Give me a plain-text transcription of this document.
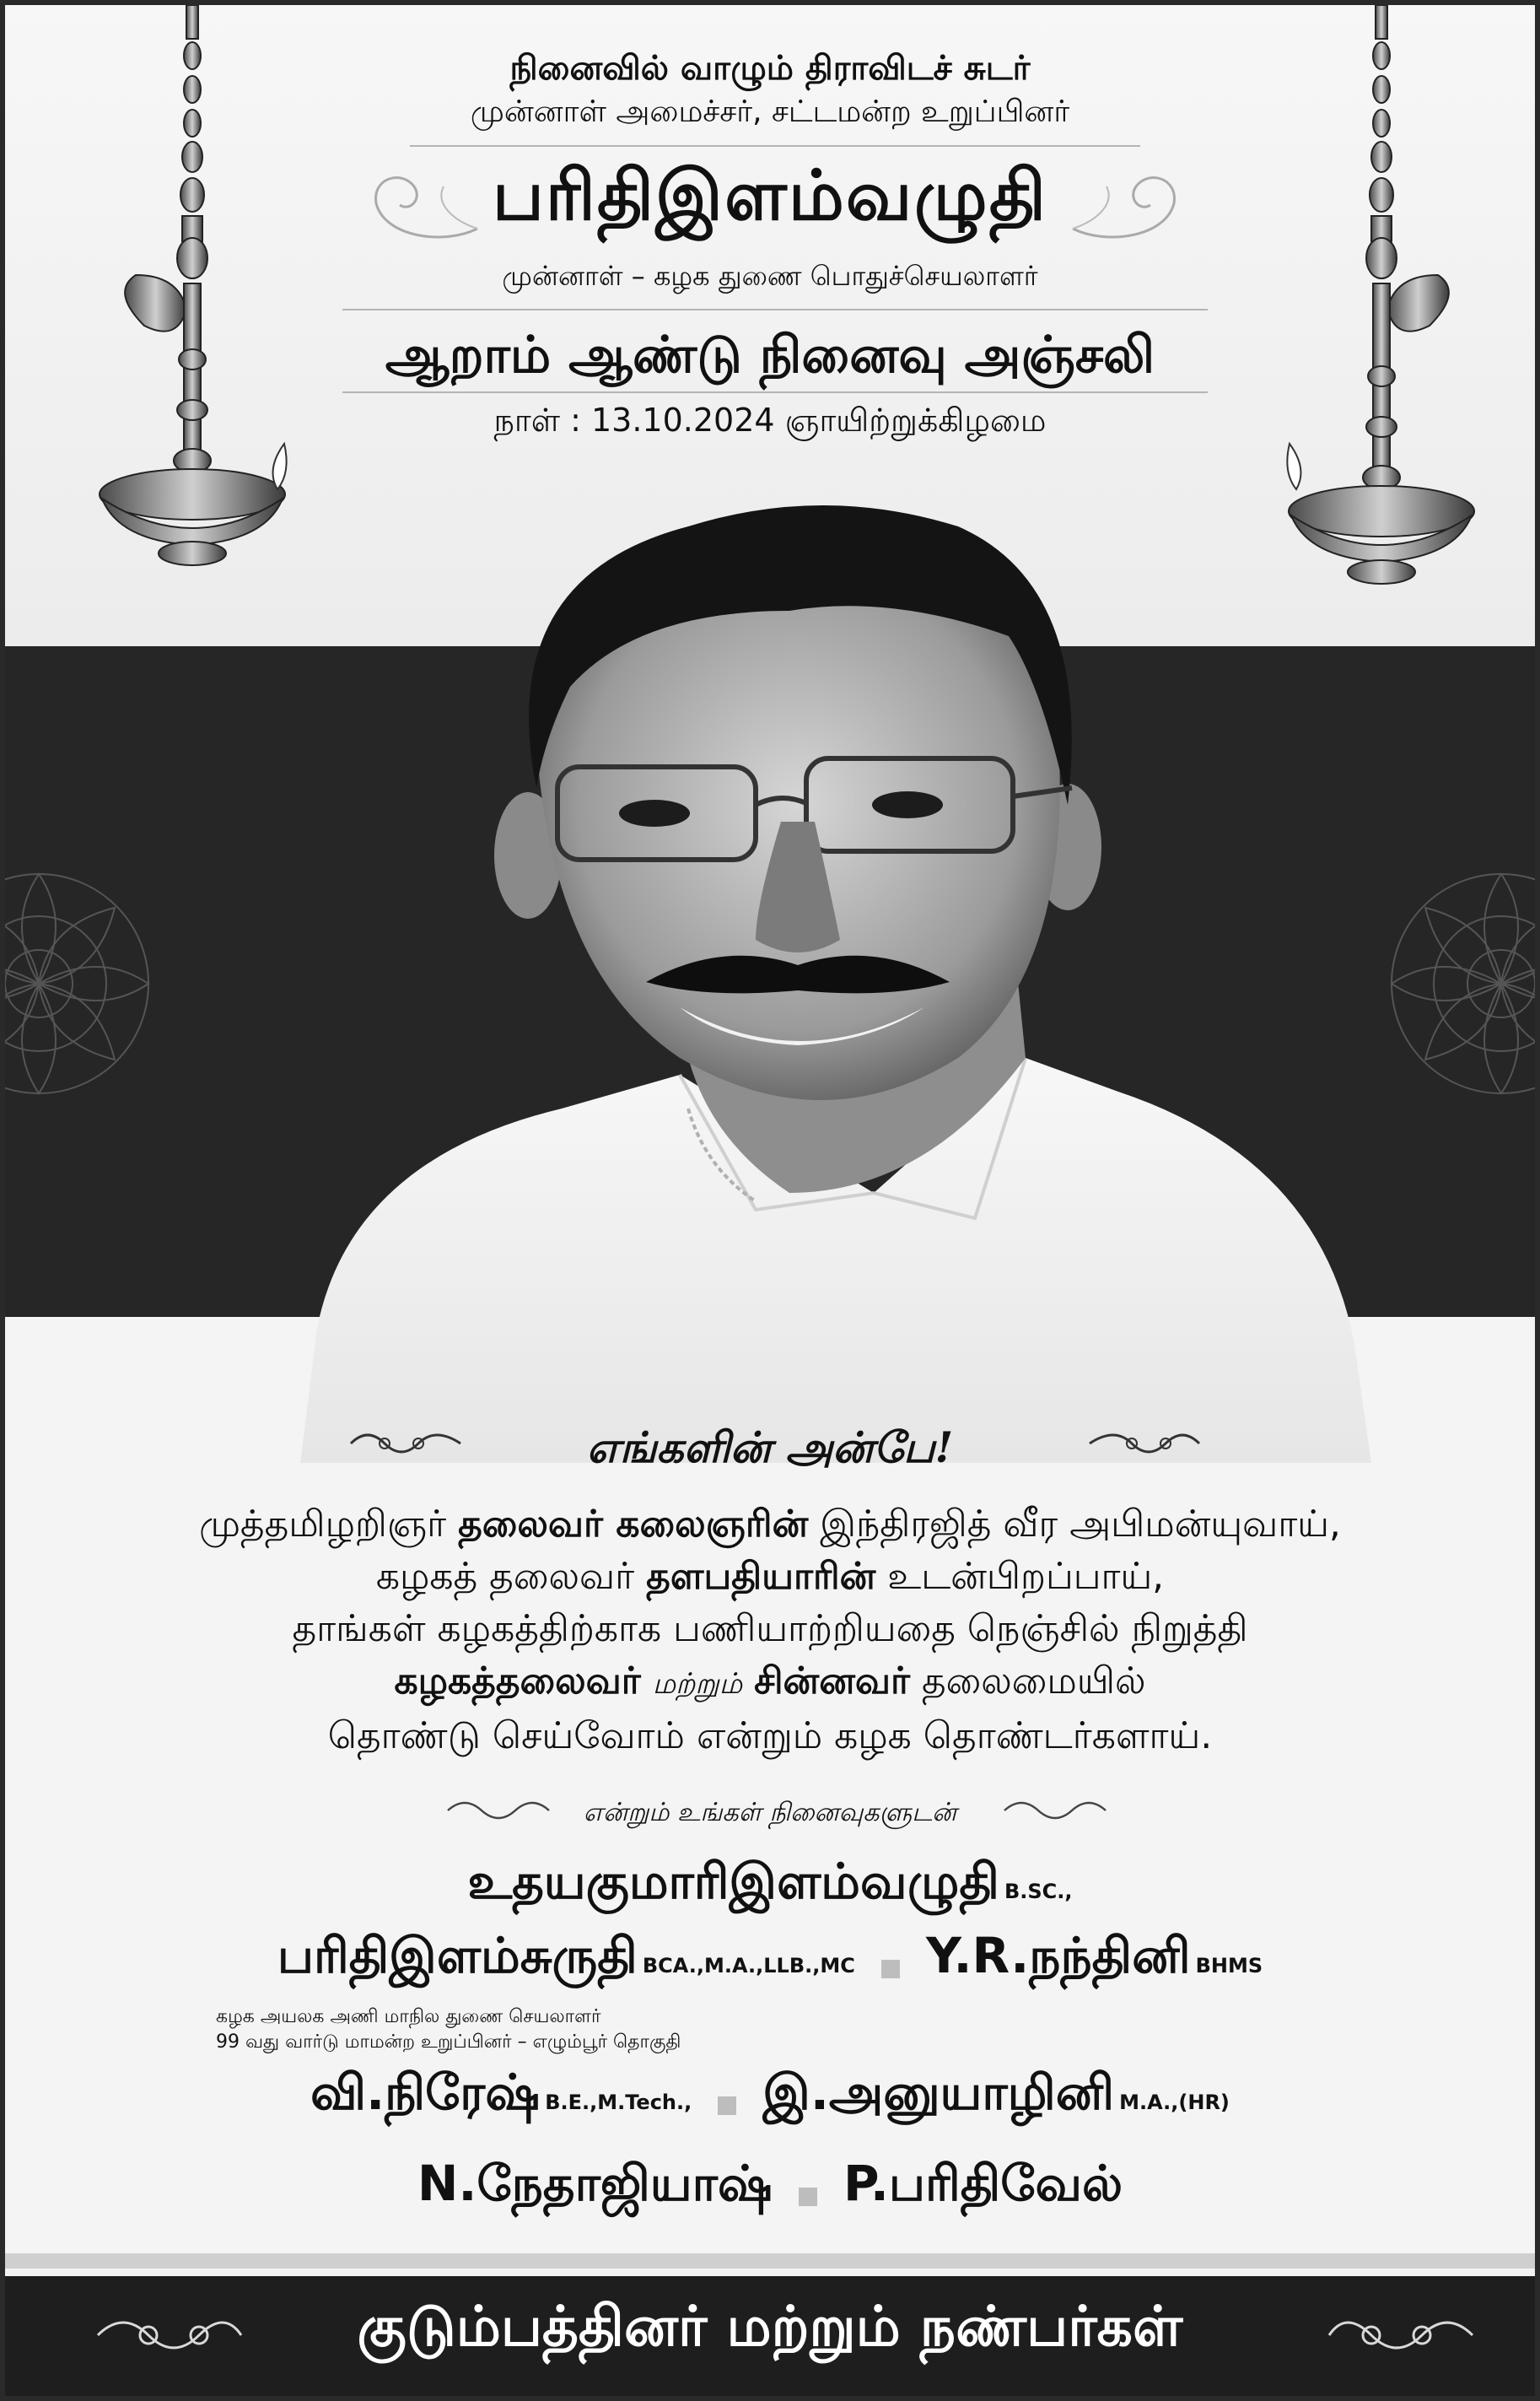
நினைவில் வாழும் திராவிடச் சுடர்
முன்னாள் அமைச்சர், சட்டமன்ற உறுப்பினர்
பரிதிஇளம்வழுதி
முன்னாள் – கழக துணை பொதுச்செயலாளர்
ஆறாம் ஆண்டு நினைவு அஞ்சலி
நாள் : 13.10.2024 ஞாயிற்றுக்கிழமை
எங்களின் அன்பே!
முத்தமிழறிஞர் தலைவர் கலைஞரின் இந்திரஜித் வீர அபிமன்யுவாய்,
கழகத் தலைவர் தளபதியாரின் உடன்பிறப்பாய்,
தாங்கள் கழகத்திற்காக பணியாற்றியதை நெஞ்சில் நிறுத்தி
கழகத்தலைவர் மற்றும் சின்னவர் தலைமையில்
தொண்டு செய்வோம் என்றும் கழக தொண்டர்களாய்.
என்றும் உங்கள் நினைவுகளுடன்
உதயகுமாரிஇளம்வழுதி B.SC.,
பரிதிஇளம்சுருதி BCA.,M.A.,LLB.,MC Y.R.நந்தினி BHMS
கழக அயலக அணி மாநில துணை செயலாளர்
99 வது வார்டு மாமன்ற உறுப்பினர் – எழும்பூர் தொகுதி
வி.நிரேஷ் B.E.,M.Tech., இ.அனுயாழினி M.A.,(HR)
N.நேதாஜியாஷ் P.பரிதிவேல்
குடும்பத்தினர் மற்றும் நண்பர்கள்
